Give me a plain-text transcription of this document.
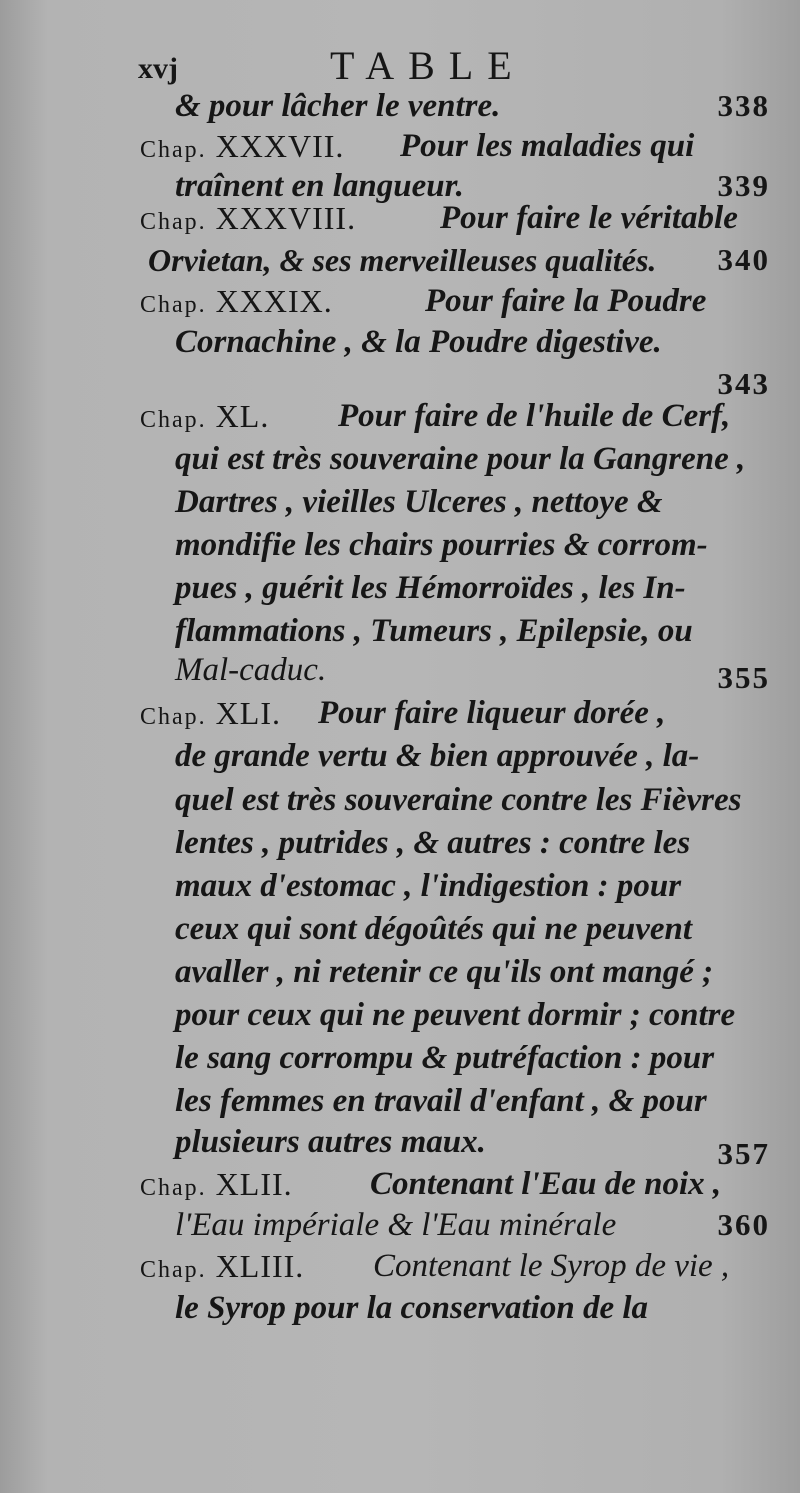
xvj	TABLE
& pour lâcher le ventre.	338
Chap. XXXVII. Pour les maladies qui
traînent en langueur.	339
Chap. XXXVIII.	Pour faire le véritable
Orvietan, & ses merveilleuses qualités. 340
Chap. XXXIX.	Pour faire la Poudre
Cornachine , & la Poudre digestive.
343
Chap. XL. Pour faire de l'huile de Cerf,
qui est très souveraine pour la Gangrene ,
Dartres , vieilles Ulceres , nettoye &
mondifie les chairs pourries & corrom-
pues , guérit les Hémorroïdes , les In-
flammations , Tumeurs , Epilepsie, ou
Mal-caduc.	355
Chap. XLI. Pour faire liqueur dorée ,
de grande vertu & bien approuvée , la-
quel est très souveraine contre les Fièvres
lentes , putrides , & autres : contre les
maux d'estomac , l'indigestion : pour
ceux qui sont dégoûtés qui ne peuvent
avaller , ni retenir ce qu'ils ont mangé ;
pour ceux qui ne peuvent dormir ; contre
le sang corrompu & putréfaction : pour
les femmes en travail d'enfant , & pour
plusieurs autres maux.	357
Chap. XLII. Contenant l'Eau de noix ,
l'Eau impériale & l'Eau minérale	360
Chap. XLIII. Contenant le Syrop de vie ,
le Syrop pour la conservation de la
